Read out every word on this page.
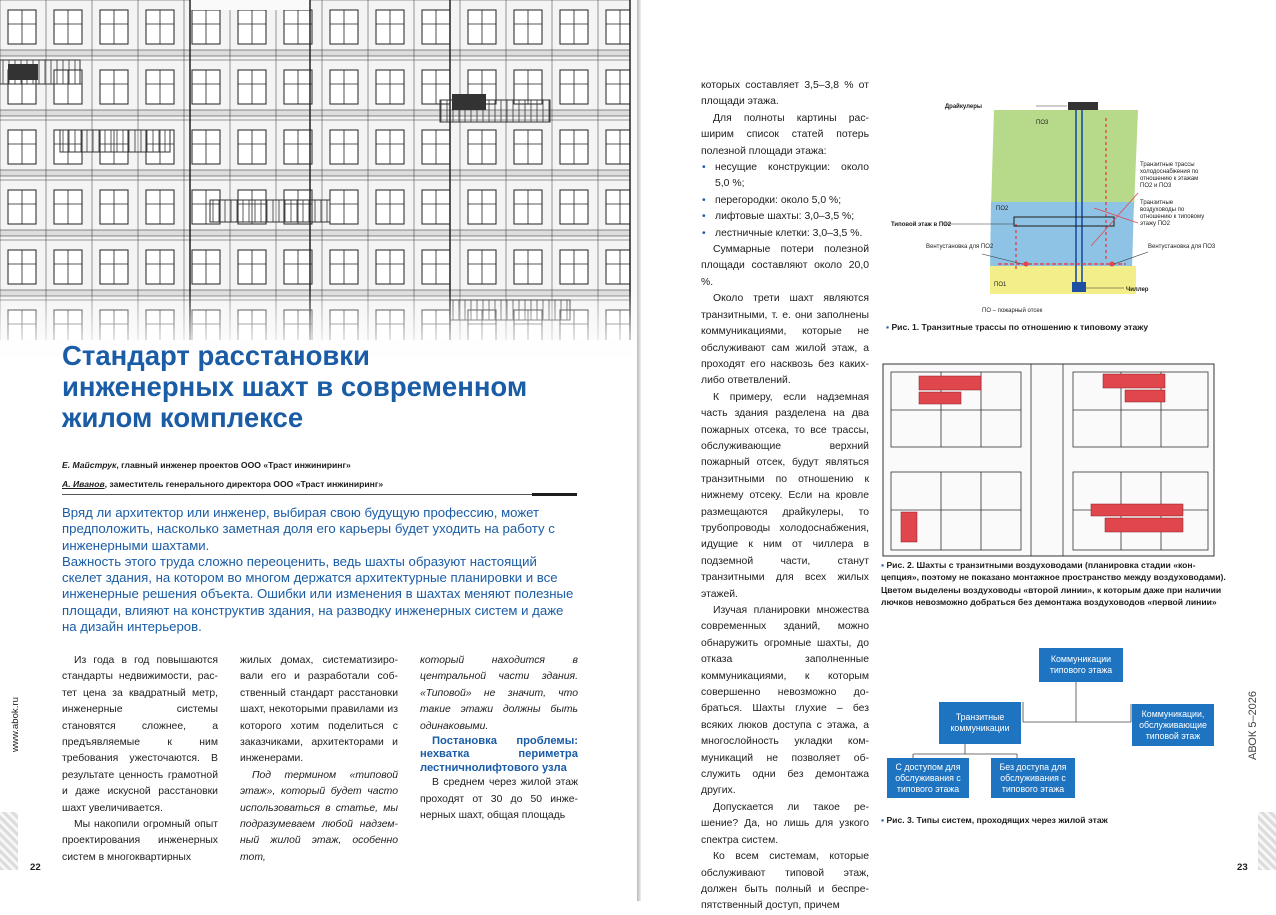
Стандарт расстановки
инженерных шахт в современном
жилом комплексе
Е. Майструк, главный инженер проектов ООО «Траст инжиниринг»
А. Иванов, заместитель генерального директора ООО «Траст инжиниринг»

Вряд ли архитектор или инженер, выбирая свою будущую профессию, может предположить, насколько заметная доля его карьеры будет уходить на работу с инженерными шахтами.

Важность этого труда сложно переоценить, ведь шахты образуют настоящий скелет здания, на котором во многом держатся архитектурные планировки и все инженерные решения объекта. Ошибки или изменения в шахтах меняют полезные площади, влияют на конструктив здания, на разводку инженерных систем и даже на дизайн интерьеров.

Из года в год повышаются стандарты недвижимости, растет цена за квадратный метр, инженерные системы становятся сложнее, а предъявляемые к ним требования ужесточаются. В результате ценность грамотной и даже искусной расстановки шахт увеличивается.

Мы накопили огромный опыт проектирования инженерных систем в многоквартирных

жилых домах, систематизировали его и разработали собственный стандарт расстановки шахт, некоторыми правилами из которого хотим поделиться с заказчиками, архитекторами и инженерами.

Под термином «типовой этаж», который будет часто использоваться в статье, мы подразумеваем любой надземный жилой этаж, особенно тот,

который находится в центральной части здания. «Типовой» не значит, что такие этажи должны быть одинаковыми.

Постановка проблемы: нехватка периметра лестничнолифтового узла

В среднем через жилой этаж проходят от 30 до 50 инженерных шахт, общая площадь

www.abok.ru
22

которых составляет 3,5–3,8 % от площади этажа.

Для полноты картины расширим список статей потерь полезной площади этажа:

• несущие конструкции: около 5,0 %;
• перегородки: около 5,0 %;
• лифтовые шахты: 3,0–3,5 %;
• лестничные клетки: 3,0–3,5 %.

Суммарные потери полезной площади составляют около 20,0 %.

Около трети шахт являются транзитными, т. е. они заполнены коммуникациями, которые не обслуживают сам жилой этаж, а проходят его насквозь без каких-либо ответвлений.

К примеру, если надземная часть здания разделена на два пожарных отсека, то все трассы, обслуживающие верхний пожарный отсек, будут являться транзитными по отношению к нижнему отсеку. Если на кровле размещаются драйкулеры, то трубопроводы холодоснабжения, идущие к ним от чиллера в подземной части, станут транзитными для всех жилых этажей.

Изучая планировки множества современных зданий, можно обнаружить огромные шахты, до отказа заполненные коммуникациями, к которым совершенно невозможно добраться. Шахты глухие – без всяких люков доступа с этажа, а многослойность укладки коммуникаций не позволяет обслужить одни без демонтажа других.

Допускается ли такое решение? Да, но лишь для узкого спектра систем.

Ко всем системам, которые обслуживают типовой этаж, должен быть полный и беспрепятственный доступ, причем

Драйкулеры
ПО3
ПО2
ПО1
Типовой этаж в ПО2
Вентустановка для ПО2	Вентустановка для ПО3
Чиллер
ПО – пожарный отсек
Транзитные трассы холодоснабжения по отношению к этажам ПО2 и ПО3
Транзитные воздуховоды по отношению к типовому этажу ПО2
▪ Рис. 1. Транзитные трассы по отношению к типовому этажу
▪ Рис. 2. Шахты с транзитными воздуховодами (планировка стадии «концепция», поэтому не показано монтажное пространство между воздуховодами). Цветом выделены воздуховоды «второй линии», к которым даже при наличии лючков невозможно добраться без демонтажа воздуховодов «первой линии»
Коммуникации типового этажа
Транзитные коммуникации
Коммуникации, обслуживающие типовой этаж
С доступом для обслуживания с типового этажа
Без доступа для обслуживания с типового этажа
▪ Рис. 3. Типы систем, проходящих через жилой этаж
АВОК 5–2026
23
